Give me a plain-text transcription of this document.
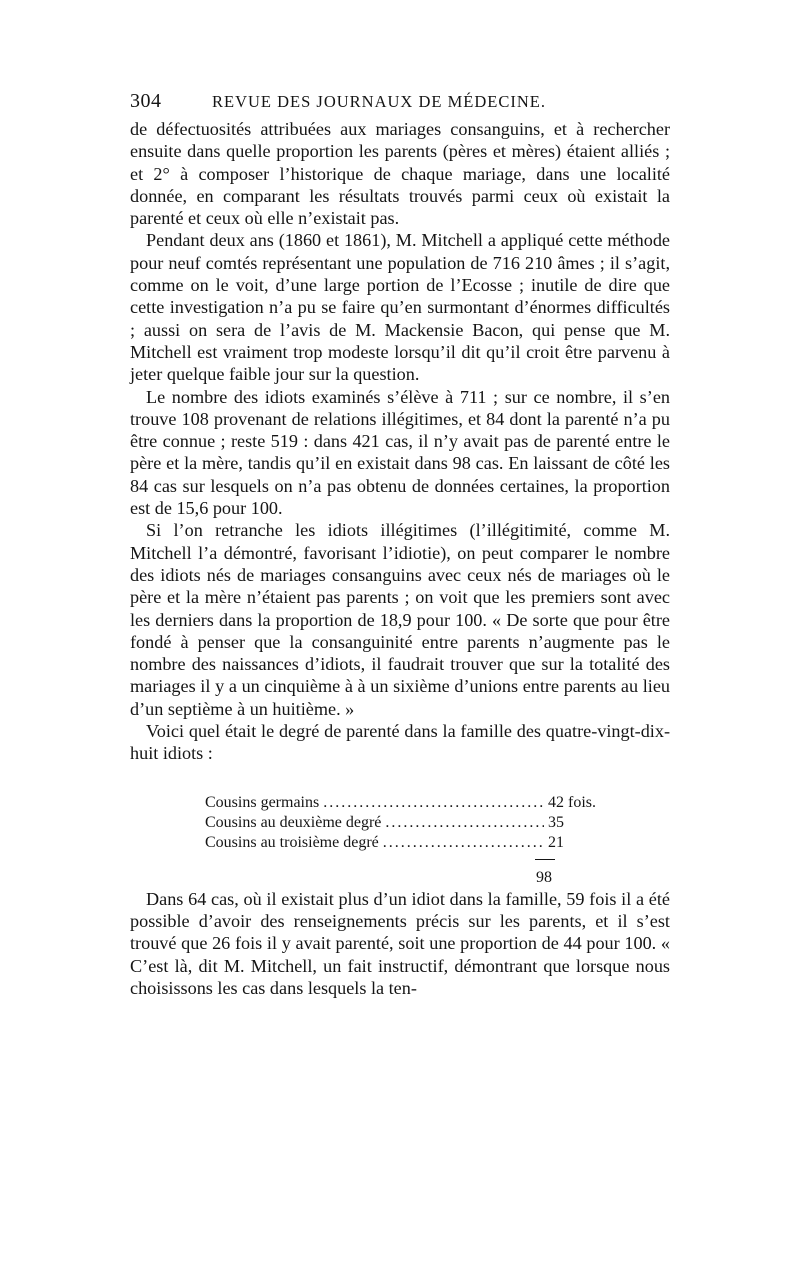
304	REVUE DES JOURNAUX DE MÉDECINE.

de défectuosités attribuées aux mariages consanguins, et à rechercher ensuite dans quelle proportion les parents (pères et mères) étaient alliés ; et 2° à composer l’historique de chaque mariage, dans une localité donnée, en comparant les résultats trouvés parmi ceux où existait la parenté et ceux où elle n’existait pas.

Pendant deux ans (1860 et 1861), M. Mitchell a appliqué cette méthode pour neuf comtés représentant une population de 716 210 âmes ; il s’agit, comme on le voit, d’une large portion de l’Ecosse ; inutile de dire que cette investigation n’a pu se faire qu’en surmontant d’énormes difficultés ; aussi on sera de l’avis de M. Mackensie Bacon, qui pense que M. Mitchell est vraiment trop modeste lorsqu’il dit qu’il croit être parvenu à jeter quelque faible jour sur la question.

Le nombre des idiots examinés s’élève à 711 ; sur ce nombre, il s’en trouve 108 provenant de relations illégitimes, et 84 dont la parenté n’a pu être connue ; reste 519 : dans 421 cas, il n’y avait pas de parenté entre le père et la mère, tandis qu’il en existait dans 98 cas. En laissant de côté les 84 cas sur lesquels on n’a pas obtenu de données certaines, la proportion est de 15,6 pour 100.

Si l’on retranche les idiots illégitimes (l’illégitimité, comme M. Mitchell l’a démontré, favorisant l’idiotie), on peut comparer le nombre des idiots nés de mariages consanguins avec ceux nés de mariages où le père et la mère n’étaient pas parents ; on voit que les premiers sont avec les derniers dans la proportion de 18,9 pour 100. « De sorte que pour être fondé à penser que la consanguinité entre parents n’augmente pas le nombre des naissances d’idiots, il faudrait trouver que sur la totalité des mariages il y a un cinquième à à un sixième d’unions entre parents au lieu d’un septième à un huitième. »

Voici quel était le degré de parenté dans la famille des quatre-vingt-dix-huit idiots :

Cousins germains .....	42 fois.
Cousins au deuxième degré .....	35
Cousins au troisième degré .....	21
98

Dans 64 cas, où il existait plus d’un idiot dans la famille, 59 fois il a été possible d’avoir des renseignements précis sur les parents, et il s’est trouvé que 26 fois il y avait parenté, soit une proportion de 44 pour 100. « C’est là, dit M. Mitchell, un fait instructif, démontrant que lorsque nous choisissons les cas dans lesquels la ten-
